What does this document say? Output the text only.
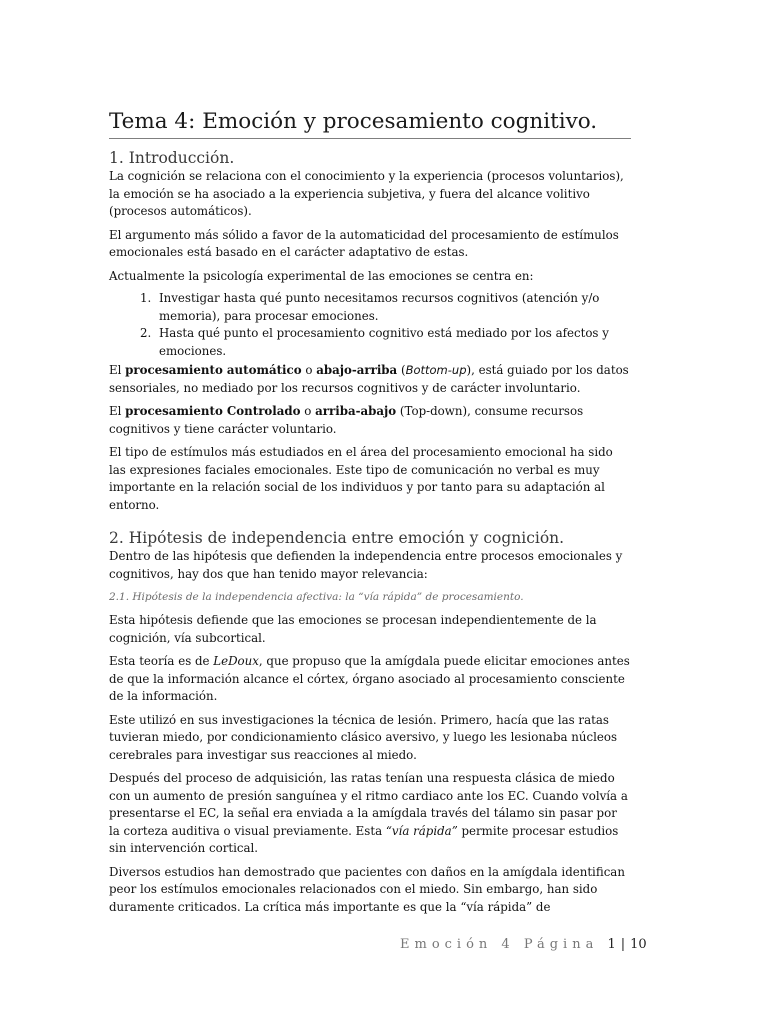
Tema 4: Emoción y procesamiento cognitivo.
1. Introducción.

La cognición se relaciona con el conocimiento y la experiencia (procesos voluntarios), la emoción se ha asociado a la experiencia subjetiva, y fuera del alcance volitivo (procesos automáticos).

El argumento más sólido a favor de la automaticidad del procesamiento de estímulos emocionales está basado en el carácter adaptativo de estas.

Actualmente la psicología experimental de las emociones se centra en:

1. Investigar hasta qué punto necesitamos recursos cognitivos (atención y/o memoria), para procesar emociones.
2. Hasta qué punto el procesamiento cognitivo está mediado por los afectos y emociones.

El procesamiento automático o abajo-arriba (Bottom-up), está guiado por los datos sensoriales, no mediado por los recursos cognitivos y de carácter involuntario.

El procesamiento Controlado o arriba-abajo (Top-down), consume recursos cognitivos y tiene carácter voluntario.

El tipo de estímulos más estudiados en el área del procesamiento emocional ha sido las expresiones faciales emocionales. Este tipo de comunicación no verbal es muy importante en la relación social de los individuos y por tanto para su adaptación al entorno.

2. Hipótesis de independencia entre emoción y cognición.

Dentro de las hipótesis que defienden la independencia entre procesos emocionales y cognitivos, hay dos que han tenido mayor relevancia:

2.1. Hipótesis de la independencia afectiva: la “vía rápida” de procesamiento.

Esta hipótesis defiende que las emociones se procesan independientemente de la cognición, vía subcortical.

Esta teoría es de LeDoux, que propuso que la amígdala puede elicitar emociones antes de que la información alcance el córtex, órgano asociado al procesamiento consciente de la información.

Este utilizó en sus investigaciones la técnica de lesión. Primero, hacía que las ratas tuvieran miedo, por condicionamiento clásico aversivo, y luego les lesionaba núcleos cerebrales para investigar sus reacciones al miedo.

Después del proceso de adquisición, las ratas tenían una respuesta clásica de miedo con un aumento de presión sanguínea y el ritmo cardiaco ante los EC. Cuando volvía a presentarse el EC, la señal era enviada a la amígdala través del tálamo sin pasar por la corteza auditiva o visual previamente. Esta “vía rápida” permite procesar estudios sin intervención cortical.

Diversos estudios han demostrado que pacientes con daños en la amígdala identifican peor los estímulos emocionales relacionados con el miedo. Sin embargo, han sido duramente criticados. La crítica más importante es que la “vía rápida” de

Emoción 4 Página 1 | 10
